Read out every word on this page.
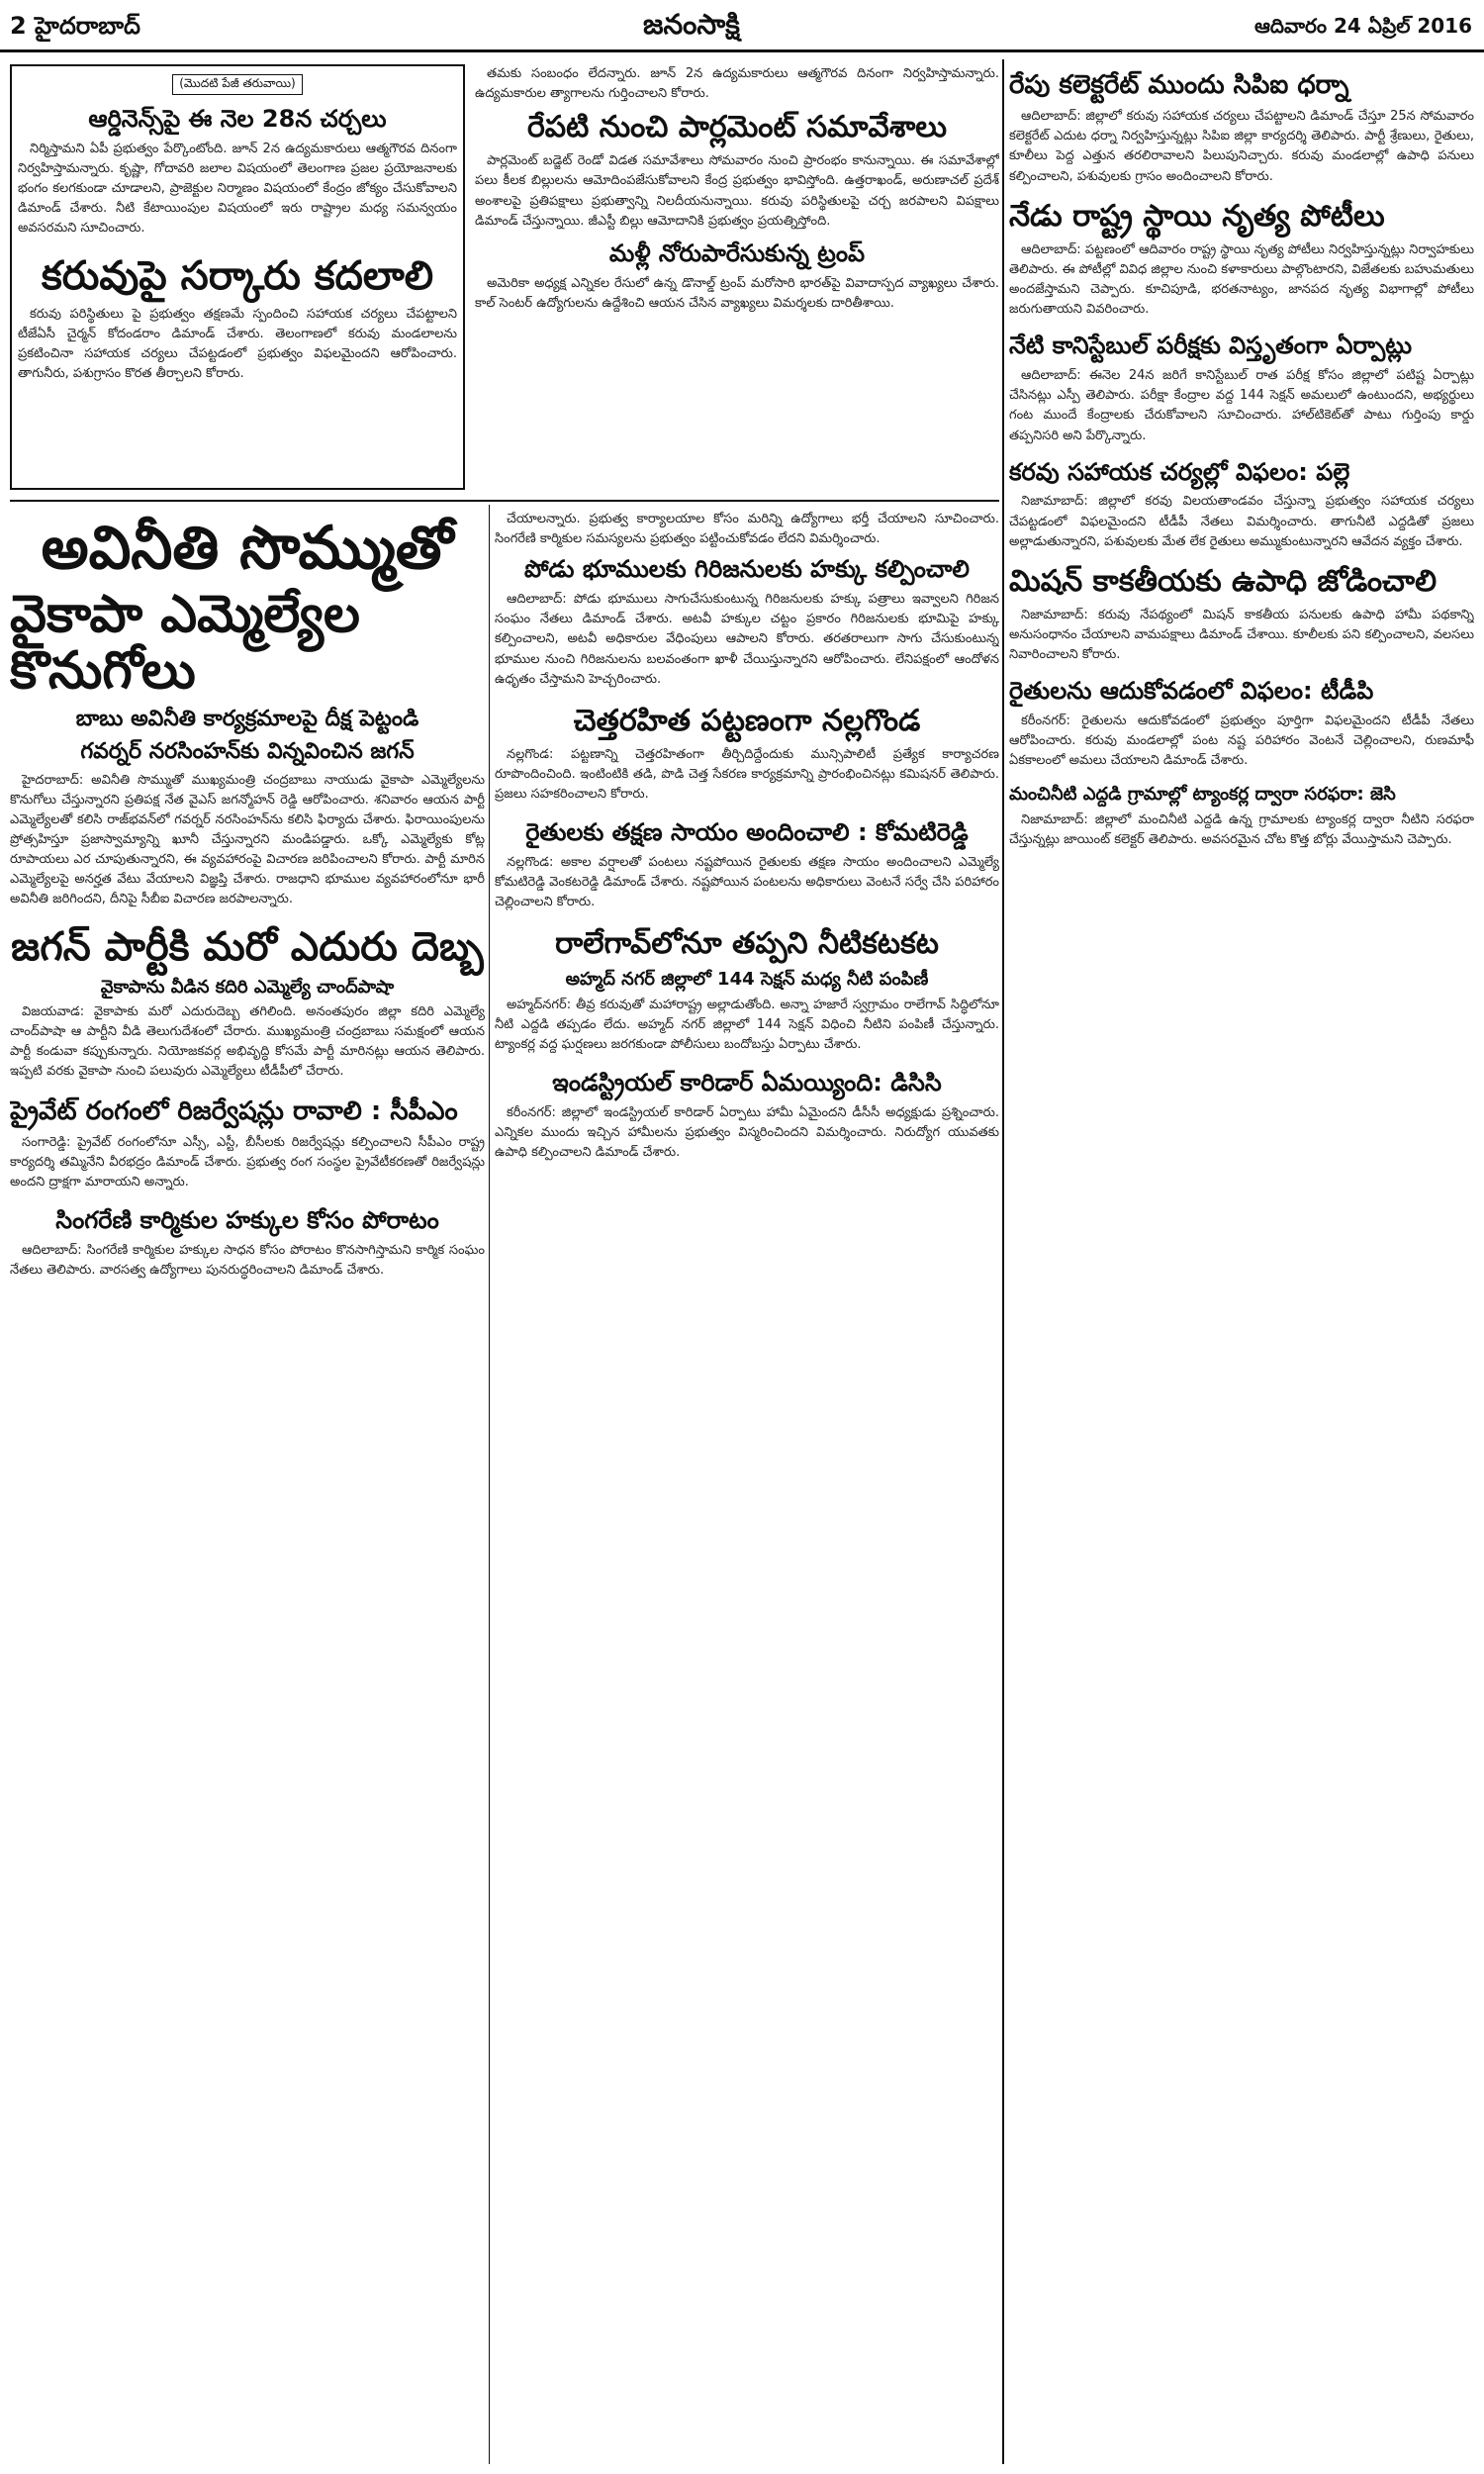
2 హైదరాబాద్	జనంసాక్షి	ఆదివారం 24 ఏప్రిల్ 2016
(మొదటి పేజీ తరువాయి)
ఆర్డినెన్స్‌పై ఈ నెల 28న చర్చలు

నిర్మిస్తామని ఏపీ ప్రభుత్వం పేర్కొంటోంది. జూన్ 2న ఉద్యమకారులు ఆత్మగౌరవ దినంగా నిర్వహిస్తామన్నారు. కృష్ణా, గోదావరి జలాల విషయంలో తెలంగాణ ప్రజల ప్రయోజనాలకు భంగం కలగకుండా చూడాలని, ప్రాజెక్టుల నిర్మాణం విషయంలో కేంద్రం జోక్యం చేసుకోవాలని డిమాండ్ చేశారు. నీటి కేటాయింపుల విషయంలో ఇరు రాష్ట్రాల మధ్య సమన్వయం అవసరమని సూచించారు.

కరువుపై సర్కారు కదలాలి

కరువు పరిస్థితులు పై ప్రభుత్వం తక్షణమే స్పందించి సహాయక చర్యలు చేపట్టాలని టీజేఏసీ చైర్మన్ కోదండరాం డిమాండ్ చేశారు. తెలంగాణలో కరువు మండలాలను ప్రకటించినా సహాయక చర్యలు చేపట్టడంలో ప్రభుత్వం విఫలమైందని ఆరోపించారు. తాగునీరు, పశుగ్రాసం కొరత తీర్చాలని కోరారు.

తమకు సంబంధం లేదన్నారు. జూన్ 2న ఉద్యమకారులు ఆత్మగౌరవ దినంగా నిర్వహిస్తామన్నారు. ఉద్యమకారుల త్యాగాలను గుర్తించాలని కోరారు.

రేపటి నుంచి పార్లమెంట్ సమావేశాలు

పార్లమెంట్ బడ్జెట్ రెండో విడత సమావేశాలు సోమవారం నుంచి ప్రారంభం కానున్నాయి. ఈ సమావేశాల్లో పలు కీలక బిల్లులను ఆమోదింపజేసుకోవాలని కేంద్ర ప్రభుత్వం భావిస్తోంది. ఉత్తరాఖండ్, అరుణాచల్ ప్రదేశ్ అంశాలపై ప్రతిపక్షాలు ప్రభుత్వాన్ని నిలదీయనున్నాయి. కరువు పరిస్థితులపై చర్చ జరపాలని విపక్షాలు డిమాండ్ చేస్తున్నాయి. జీఎస్టీ బిల్లు ఆమోదానికి ప్రభుత్వం ప్రయత్నిస్తోంది.

మళ్లీ నోరుపారేసుకున్న ట్రంప్

అమెరికా అధ్యక్ష ఎన్నికల రేసులో ఉన్న డొనాల్డ్ ట్రంప్ మరోసారి భారత్‌పై వివాదాస్పద వ్యాఖ్యలు చేశారు. కాల్ సెంటర్ ఉద్యోగులను ఉద్దేశించి ఆయన చేసిన వ్యాఖ్యలు విమర్శలకు దారితీశాయి.

అవినీతి సొమ్ముతో
వైకాపా ఎమ్మెల్యేల కొనుగోలు
బాబు అవినీతి కార్యక్రమాలపై దీక్ష పెట్టండి
గవర్నర్ నరసింహన్‌కు విన్నవించిన జగన్

హైదరాబాద్: అవినీతి సొమ్ముతో ముఖ్యమంత్రి చంద్రబాబు నాయుడు వైకాపా ఎమ్మెల్యేలను కొనుగోలు చేస్తున్నారని ప్రతిపక్ష నేత వైఎస్ జగన్మోహన్ రెడ్డి ఆరోపించారు. శనివారం ఆయన పార్టీ ఎమ్మెల్యేలతో కలిసి రాజ్‌భవన్‌లో గవర్నర్ నరసింహన్‌ను కలిసి ఫిర్యాదు చేశారు. ఫిరాయింపులను ప్రోత్సహిస్తూ ప్రజాస్వామ్యాన్ని ఖూనీ చేస్తున్నారని మండిపడ్డారు. ఒక్కో ఎమ్మెల్యేకు కోట్ల రూపాయలు ఎర చూపుతున్నారని, ఈ వ్యవహారంపై విచారణ జరిపించాలని కోరారు. పార్టీ మారిన ఎమ్మెల్యేలపై అనర్హత వేటు వేయాలని విజ్ఞప్తి చేశారు. రాజధాని భూముల వ్యవహారంలోనూ భారీ అవినీతి జరిగిందని, దీనిపై సీబీఐ విచారణ జరపాలన్నారు.

జగన్ పార్టీకి మరో ఎదురు దెబ్బ
వైకాపాను వీడిన కదిరి ఎమ్మెల్యే చాంద్‌పాషా

విజయవాడ: వైకాపాకు మరో ఎదురుదెబ్బ తగిలింది. అనంతపురం జిల్లా కదిరి ఎమ్మెల్యే చాంద్‌పాషా ఆ పార్టీని వీడి తెలుగుదేశంలో చేరారు. ముఖ్యమంత్రి చంద్రబాబు సమక్షంలో ఆయన పార్టీ కండువా కప్పుకున్నారు. నియోజకవర్గ అభివృద్ధి కోసమే పార్టీ మారినట్లు ఆయన తెలిపారు. ఇప్పటి వరకు వైకాపా నుంచి పలువురు ఎమ్మెల్యేలు టీడీపీలో చేరారు.

ప్రైవేట్ రంగంలో రిజర్వేషన్లు రావాలి : సీపీఎం

సంగారెడ్డి: ప్రైవేట్ రంగంలోనూ ఎస్సీ, ఎస్టీ, బీసీలకు రిజర్వేషన్లు కల్పించాలని సీపీఎం రాష్ట్ర కార్యదర్శి తమ్మినేని వీరభద్రం డిమాండ్ చేశారు. ప్రభుత్వ రంగ సంస్థల ప్రైవేటీకరణతో రిజర్వేషన్లు అందని ద్రాక్షగా మారాయని అన్నారు.

సింగరేణి కార్మికుల హక్కుల కోసం పోరాటం

ఆదిలాబాద్: సింగరేణి కార్మికుల హక్కుల సాధన కోసం పోరాటం కొనసాగిస్తామని కార్మిక సంఘం నేతలు తెలిపారు. వారసత్వ ఉద్యోగాలు పునరుద్ధరించాలని డిమాండ్ చేశారు.

చేయాలన్నారు. ప్రభుత్వ కార్యాలయాల కోసం మరిన్ని ఉద్యోగాలు భర్తీ చేయాలని సూచించారు. సింగరేణి కార్మికుల సమస్యలను ప్రభుత్వం పట్టించుకోవడం లేదని విమర్శించారు.

పోడు భూములకు గిరిజనులకు హక్కు కల్పించాలి

ఆదిలాబాద్: పోడు భూములు సాగుచేసుకుంటున్న గిరిజనులకు హక్కు పత్రాలు ఇవ్వాలని గిరిజన సంఘం నేతలు డిమాండ్ చేశారు. అటవీ హక్కుల చట్టం ప్రకారం గిరిజనులకు భూమిపై హక్కు కల్పించాలని, అటవీ అధికారుల వేధింపులు ఆపాలని కోరారు. తరతరాలుగా సాగు చేసుకుంటున్న భూముల నుంచి గిరిజనులను బలవంతంగా ఖాళీ చేయిస్తున్నారని ఆరోపించారు. లేనిపక్షంలో ఆందోళన ఉధృతం చేస్తామని హెచ్చరించారు.

చెత్తరహిత పట్టణంగా నల్లగొండ

నల్లగొండ: పట్టణాన్ని చెత్తరహితంగా తీర్చిదిద్దేందుకు మున్సిపాలిటీ ప్రత్యేక కార్యాచరణ రూపొందించింది. ఇంటింటికి తడి, పొడి చెత్త సేకరణ కార్యక్రమాన్ని ప్రారంభించినట్లు కమిషనర్ తెలిపారు. ప్రజలు సహకరించాలని కోరారు.

రైతులకు తక్షణ సాయం అందించాలి : కోమటిరెడ్డి

నల్లగొండ: అకాల వర్షాలతో పంటలు నష్టపోయిన రైతులకు తక్షణ సాయం అందించాలని ఎమ్మెల్యే కోమటిరెడ్డి వెంకటరెడ్డి డిమాండ్ చేశారు. నష్టపోయిన పంటలను అధికారులు వెంటనే సర్వే చేసి పరిహారం చెల్లించాలని కోరారు.

రాలేగావ్‌లోనూ తప్పని నీటికటకట
అహ్మద్ నగర్ జిల్లాలో 144 సెక్షన్ మధ్య నీటి పంపిణీ

అహ్మద్‌నగర్: తీవ్ర కరువుతో మహారాష్ట్ర అల్లాడుతోంది. అన్నా హజారే స్వగ్రామం రాలేగావ్ సిద్ధిలోనూ నీటి ఎద్దడి తప్పడం లేదు. అహ్మద్ నగర్ జిల్లాలో 144 సెక్షన్ విధించి నీటిని పంపిణీ చేస్తున్నారు. ట్యాంకర్ల వద్ద ఘర్షణలు జరగకుండా పోలీసులు బందోబస్తు ఏర్పాటు చేశారు.

ఇండస్ట్రియల్ కారిడార్ ఏమయ్యింది: డిసిసి

కరీంనగర్: జిల్లాలో ఇండస్ట్రియల్ కారిడార్ ఏర్పాటు హామీ ఏమైందని డీసీసీ అధ్యక్షుడు ప్రశ్నించారు. ఎన్నికల ముందు ఇచ్చిన హామీలను ప్రభుత్వం విస్మరించిందని విమర్శించారు. నిరుద్యోగ యువతకు ఉపాధి కల్పించాలని డిమాండ్ చేశారు.

రేపు కలెక్టరేట్ ముందు సిపిఐ ధర్నా

ఆదిలాబాద్: జిల్లాలో కరువు సహాయక చర్యలు చేపట్టాలని డిమాండ్ చేస్తూ 25న సోమవారం కలెక్టరేట్ ఎదుట ధర్నా నిర్వహిస్తున్నట్లు సిపిఐ జిల్లా కార్యదర్శి తెలిపారు. పార్టీ శ్రేణులు, రైతులు, కూలీలు పెద్ద ఎత్తున తరలిరావాలని పిలుపునిచ్చారు. కరువు మండలాల్లో ఉపాధి పనులు కల్పించాలని, పశువులకు గ్రాసం అందించాలని కోరారు.

నేడు రాష్ట్ర స్థాయి నృత్య పోటీలు

ఆదిలాబాద్: పట్టణంలో ఆదివారం రాష్ట్ర స్థాయి నృత్య పోటీలు నిర్వహిస్తున్నట్లు నిర్వాహకులు తెలిపారు. ఈ పోటీల్లో వివిధ జిల్లాల నుంచి కళాకారులు పాల్గొంటారని, విజేతలకు బహుమతులు అందజేస్తామని చెప్పారు. కూచిపూడి, భరతనాట్యం, జానపద నృత్య విభాగాల్లో పోటీలు జరుగుతాయని వివరించారు.

నేటి కానిస్టేబుల్ పరీక్షకు విస్తృతంగా ఏర్పాట్లు

ఆదిలాబాద్: ఈనెల 24న జరిగే కానిస్టేబుల్ రాత పరీక్ష కోసం జిల్లాలో పటిష్ట ఏర్పాట్లు చేసినట్లు ఎస్పీ తెలిపారు. పరీక్షా కేంద్రాల వద్ద 144 సెక్షన్ అమలులో ఉంటుందని, అభ్యర్థులు గంట ముందే కేంద్రాలకు చేరుకోవాలని సూచించారు. హాల్‌టికెట్‌తో పాటు గుర్తింపు కార్డు తప్పనిసరి అని పేర్కొన్నారు.

కరవు సహాయక చర్యల్లో విఫలం: పల్లె

నిజామాబాద్: జిల్లాలో కరవు విలయతాండవం చేస్తున్నా ప్రభుత్వం సహాయక చర్యలు చేపట్టడంలో విఫలమైందని టీడీపీ నేతలు విమర్శించారు. తాగునీటి ఎద్దడితో ప్రజలు అల్లాడుతున్నారని, పశువులకు మేత లేక రైతులు అమ్ముకుంటున్నారని ఆవేదన వ్యక్తం చేశారు.

మిషన్ కాకతీయకు ఉపాధి జోడించాలి

నిజామాబాద్: కరువు నేపథ్యంలో మిషన్ కాకతీయ పనులకు ఉపాధి హామీ పథకాన్ని అనుసంధానం చేయాలని వామపక్షాలు డిమాండ్ చేశాయి. కూలీలకు పని కల్పించాలని, వలసలు నివారించాలని కోరారు.

రైతులను ఆదుకోవడంలో విఫలం: టీడీపి

కరీంనగర్: రైతులను ఆదుకోవడంలో ప్రభుత్వం పూర్తిగా విఫలమైందని టీడీపీ నేతలు ఆరోపించారు. కరువు మండలాల్లో పంట నష్ట పరిహారం వెంటనే చెల్లించాలని, రుణమాఫీ ఏకకాలంలో అమలు చేయాలని డిమాండ్ చేశారు.

మంచినీటి ఎద్దడి గ్రామాల్లో ట్యాంకర్ల ద్వారా సరఫరా: జెసి

నిజామాబాద్: జిల్లాలో మంచినీటి ఎద్దడి ఉన్న గ్రామాలకు ట్యాంకర్ల ద్వారా నీటిని సరఫరా చేస్తున్నట్లు జాయింట్ కలెక్టర్ తెలిపారు. అవసరమైన చోట కొత్త బోర్లు వేయిస్తామని చెప్పారు.
